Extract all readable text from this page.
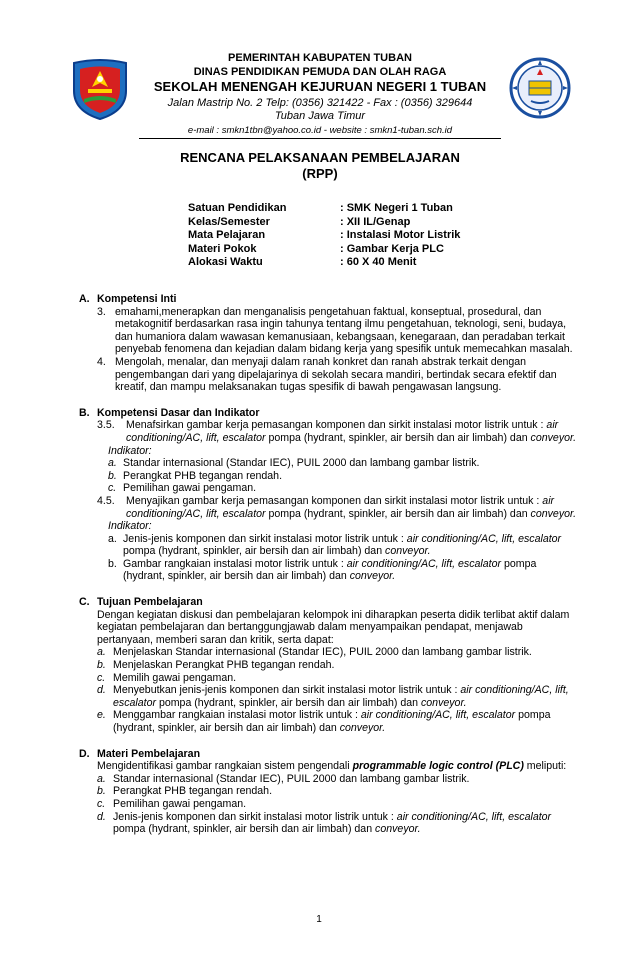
PEMERINTAH KABUPATEN TUBAN
DINAS PENDIDIKAN PEMUDA DAN OLAH RAGA
SEKOLAH MENENGAH KEJURUAN NEGERI 1 TUBAN
Jalan Mastrip No. 2 Telp: (0356) 321422 - Fax : (0356) 329644
Tuban Jawa Timur
e-mail : smkn1tbn@yahoo.co.id - website : smkn1-tuban.sch.id
RENCANA PELAKSANAAN PEMBELAJARAN
(RPP)
Satuan Pendidikan	: SMK Negeri 1 Tuban
Kelas/Semester	: XII IL/Genap
Mata Pelajaran	: Instalasi Motor Listrik
Materi Pokok	: Gambar Kerja PLC
Alokasi Waktu	: 60 X 40 Menit
A. Kompetensi Inti
3. emahami,menerapkan dan menganalisis pengetahuan faktual, konseptual, prosedural, dan metakognitif berdasarkan rasa ingin tahunya tentang ilmu pengetahuan, teknologi, seni, budaya, dan humaniora dalam wawasan kemanusiaan, kebangsaan, kenegaraan, dan peradaban terkait penyebab fenomena dan kejadian dalam bidang kerja yang spesifik untuk memecahkan masalah.
4. Mengolah, menalar, dan menyaji dalam ranah konkret dan ranah abstrak terkait dengan pengembangan dari yang dipelajarinya di sekolah secara mandiri, bertindak secara efektif dan kreatif, dan mampu melaksanakan tugas spesifik di bawah pengawasan langsung.
B. Kompetensi Dasar dan Indikator
3.5. Menafsirkan gambar kerja pemasangan komponen dan sirkit instalasi motor listrik untuk : air conditioning/AC, lift, escalator pompa (hydrant, spinkler, air bersih dan air limbah) dan conveyor.
Indikator:
a. Standar internasional (Standar IEC), PUIL 2000 dan lambang gambar listrik.
b. Perangkat PHB tegangan rendah.
c. Pemilihan gawai pengaman.
4.5. Menyajikan gambar kerja pemasangan komponen dan sirkit instalasi motor listrik untuk : air conditioning/AC, lift, escalator pompa (hydrant, spinkler, air bersih dan air limbah) dan conveyor.
Indikator:
a. Jenis-jenis komponen dan sirkit instalasi motor listrik untuk : air conditioning/AC, lift, escalator pompa (hydrant, spinkler, air bersih dan air limbah) dan conveyor.
b. Gambar rangkaian instalasi motor listrik untuk : air conditioning/AC, lift, escalator pompa (hydrant, spinkler, air bersih dan air limbah) dan conveyor.
C. Tujuan Pembelajaran
Dengan kegiatan diskusi dan pembelajaran kelompok ini diharapkan peserta didik terlibat aktif dalam kegiatan pembelajaran dan bertanggungjawab dalam menyampaikan pendapat, menjawab pertanyaan, memberi saran dan kritik, serta dapat:
a. Menjelaskan Standar internasional (Standar IEC), PUIL 2000 dan lambang gambar listrik.
b. Menjelaskan Perangkat PHB tegangan rendah.
c. Memilih gawai pengaman.
d. Menyebutkan jenis-jenis komponen dan sirkit instalasi motor listrik untuk : air conditioning/AC, lift, escalator pompa (hydrant, spinkler, air bersih dan air limbah) dan conveyor.
e. Menggambar rangkaian instalasi motor listrik untuk : air conditioning/AC, lift, escalator pompa (hydrant, spinkler, air bersih dan air limbah) dan conveyor.
D. Materi Pembelajaran
Mengidentifikasi gambar rangkaian sistem pengendali programmable logic control (PLC) meliputi:
a. Standar internasional (Standar IEC), PUIL 2000 dan lambang gambar listrik.
b. Perangkat PHB tegangan rendah.
c. Pemilihan gawai pengaman.
d. Jenis-jenis komponen dan sirkit instalasi motor listrik untuk : air conditioning/AC, lift, escalator pompa (hydrant, spinkler, air bersih dan air limbah) dan conveyor.
1
